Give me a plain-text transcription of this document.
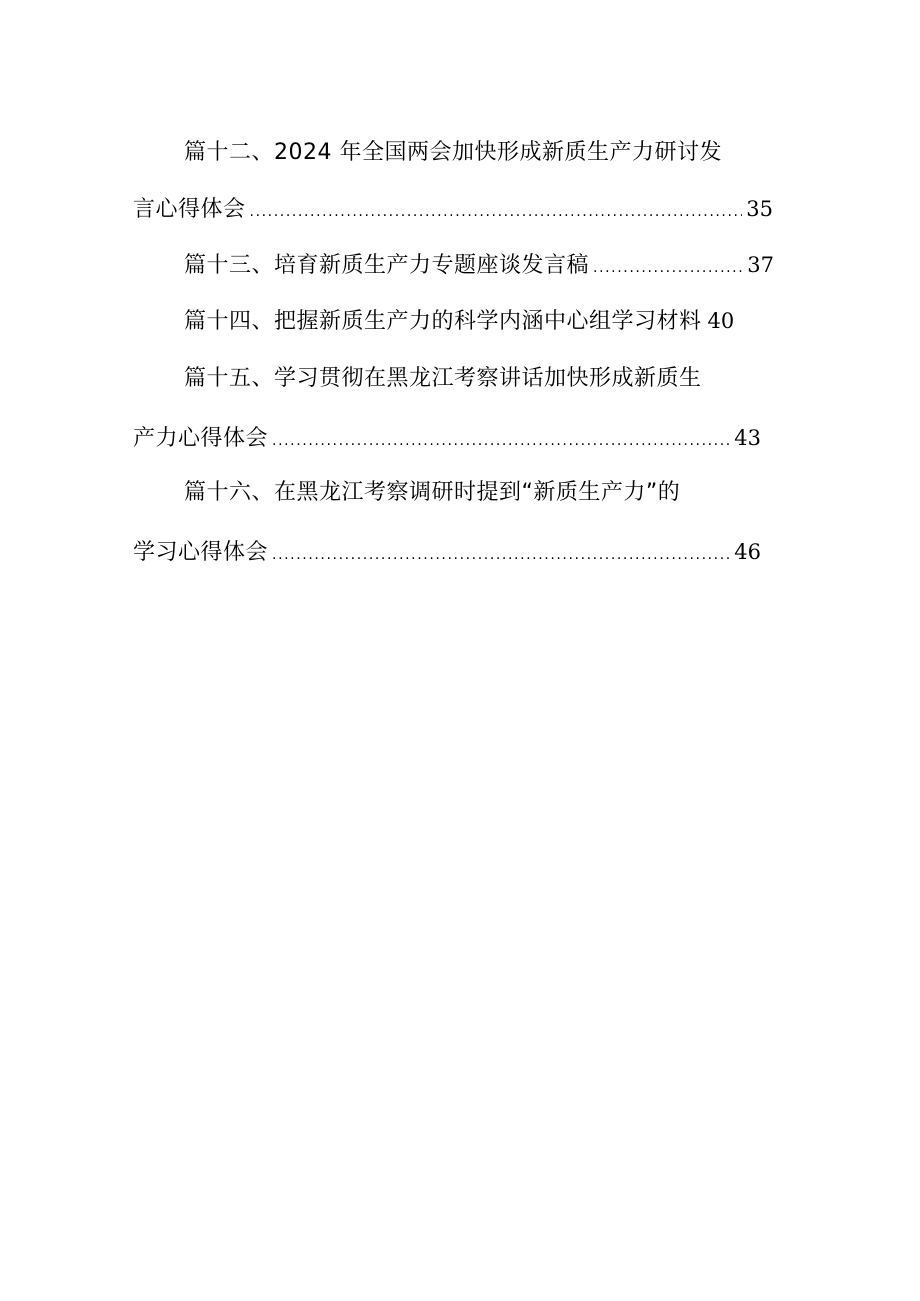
篇十二、2024 年全国两会加快形成新质生产力研讨发
言心得体会 .....	35
篇十三、培育新质生产力专题座谈发言稿 .....	37
篇十四、把握新质生产力的科学内涵中心组学习材料 40
篇十五、学习贯彻在黑龙江考察讲话加快形成新质生
产力心得体会 .....	43
篇十六、在黑龙江考察调研时提到“新质生产力”的
学习心得体会 .....	46
